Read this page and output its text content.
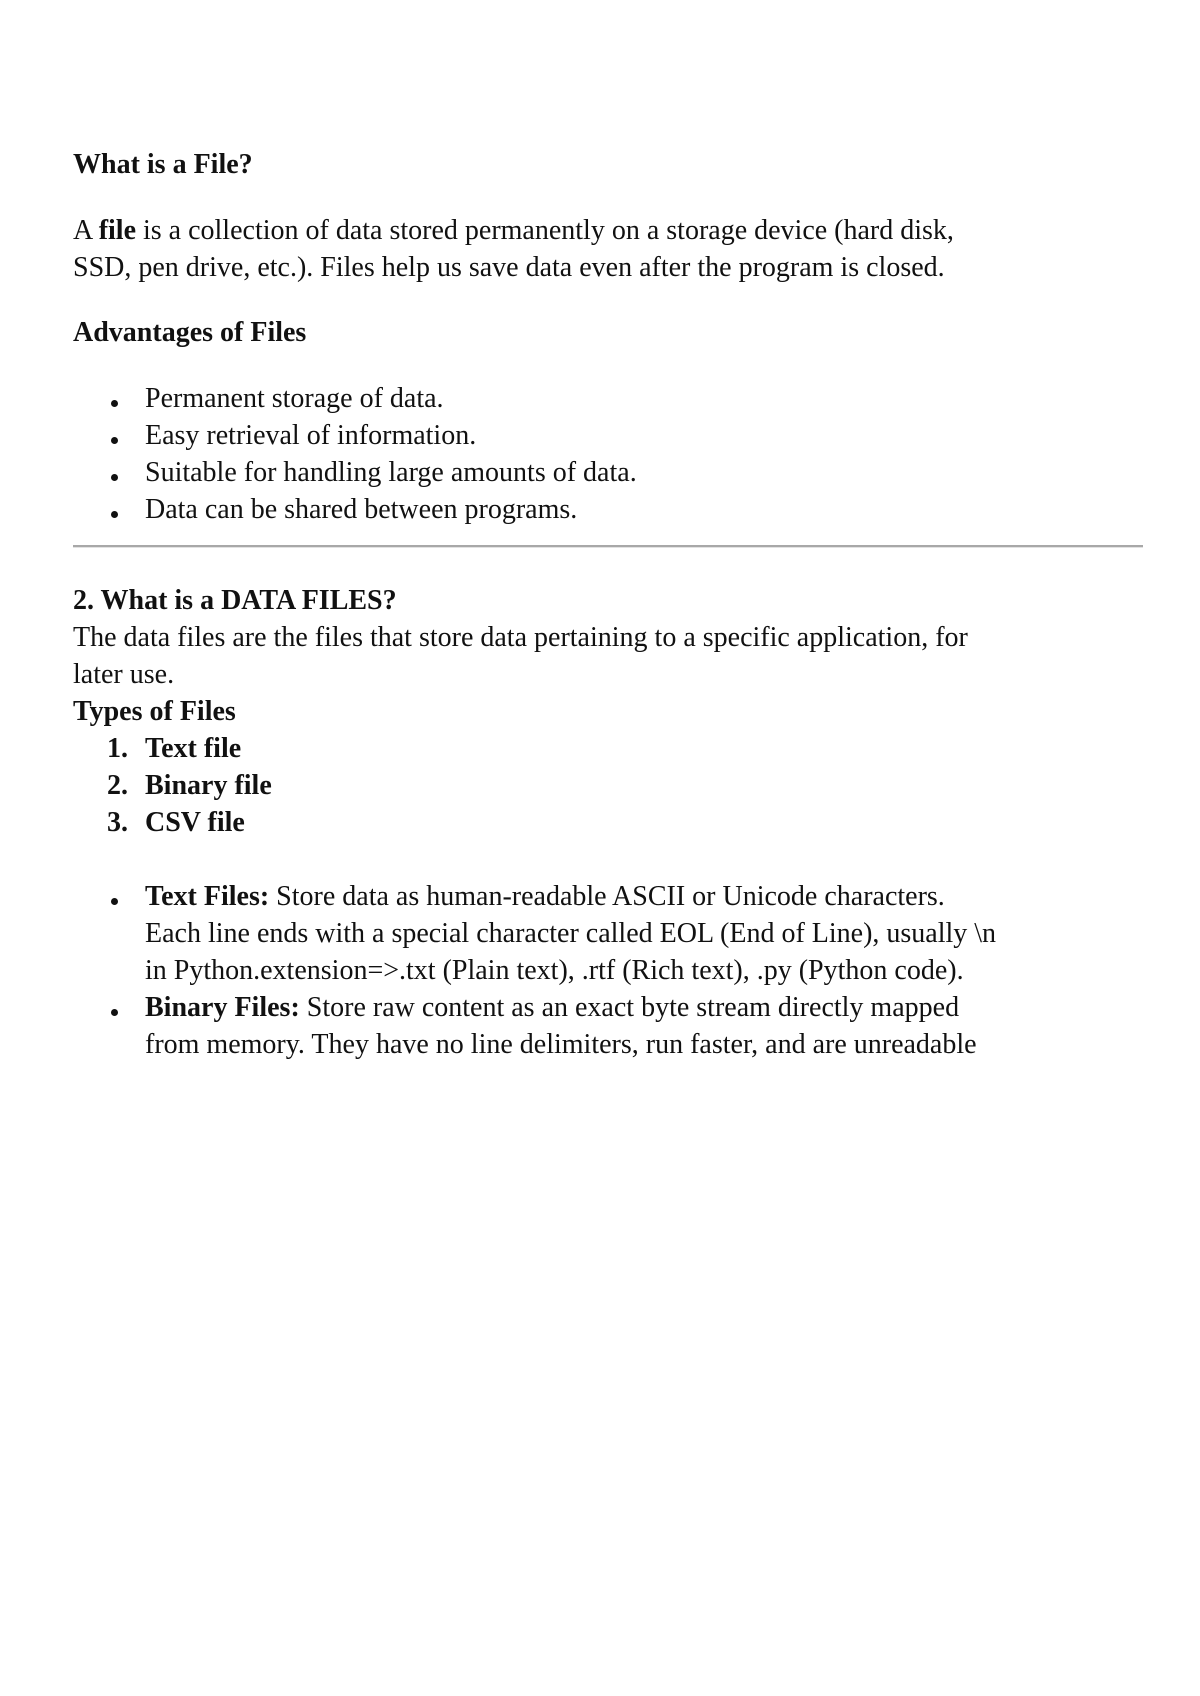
What is a File?
A file is a collection of data stored permanently on a storage device (hard disk,
SSD, pen drive, etc.). Files help us save data even after the program is closed.
Advantages of Files
Permanent storage of data.
Easy retrieval of information.
Suitable for handling large amounts of data.
Data can be shared between programs.
2. What is a DATA FILES?
The data files are the files that store data pertaining to a specific application, for
later use.
Types of Files
1. Text file
2. Binary file
3. CSV file
Text Files: Store data as human-readable ASCII or Unicode characters.
Each line ends with a special character called EOL (End of Line), usually \n
in Python.extension=>.txt (Plain text), .rtf (Rich text), .py (Python code).
Binary Files: Store raw content as an exact byte stream directly mapped
from memory. They have no line delimiters, run faster, and are unreadable
